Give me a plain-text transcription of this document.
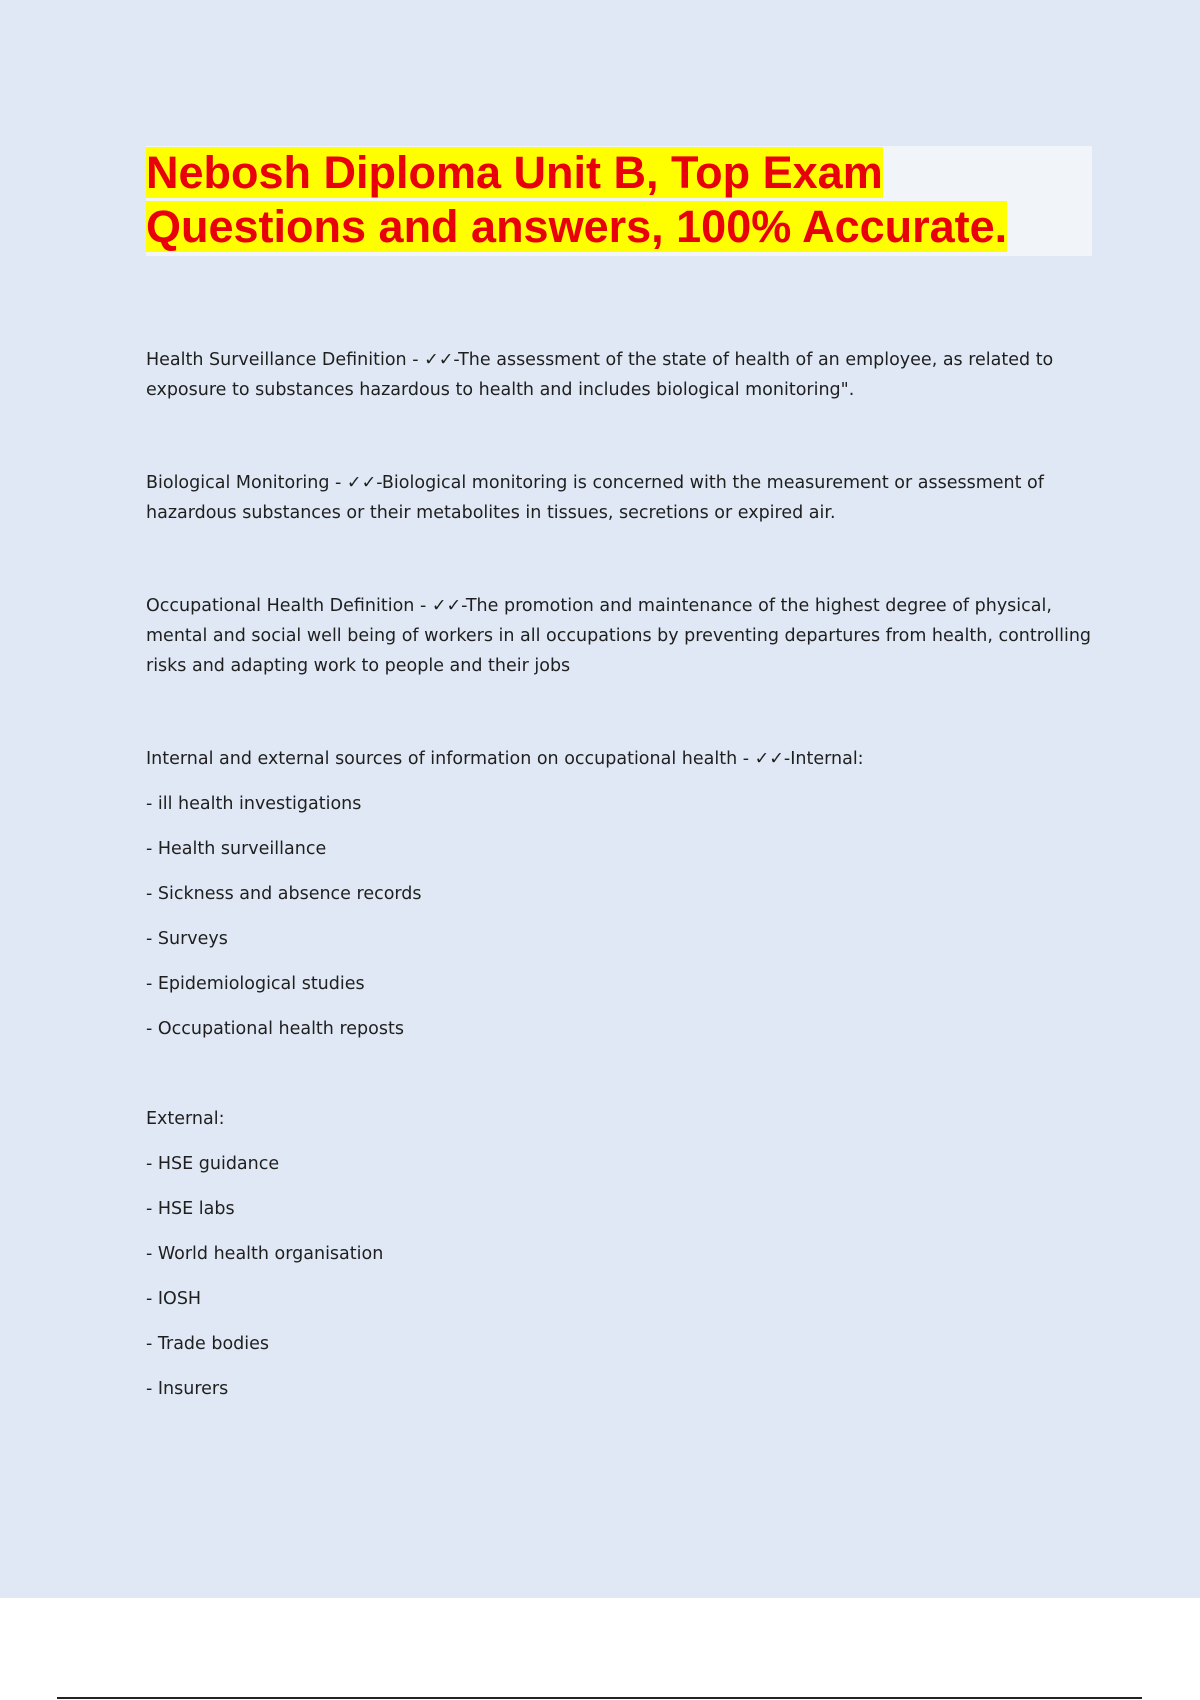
Nebosh Diploma Unit B, Top Exam Questions and answers, 100% Accurate.

Health Surveillance Definition - ✓✓-The assessment of the state of health of an employee, as related to exposure to substances hazardous to health and includes biological monitoring".

Biological Monitoring - ✓✓-Biological monitoring is concerned with the measurement or assessment of hazardous substances or their metabolites in tissues, secretions or expired air.

Occupational Health Definition - ✓✓-The promotion and maintenance of the highest degree of physical, mental and social well being of workers in all occupations by preventing departures from health, controlling risks and adapting work to people and their jobs

Internal and external sources of information on occupational health - ✓✓-Internal:

- ill health investigations

- Health surveillance

- Sickness and absence records

- Surveys

- Epidemiological studies

- Occupational health reposts

External:

- HSE guidance

- HSE labs

- World health organisation

- IOSH

- Trade bodies

- Insurers
